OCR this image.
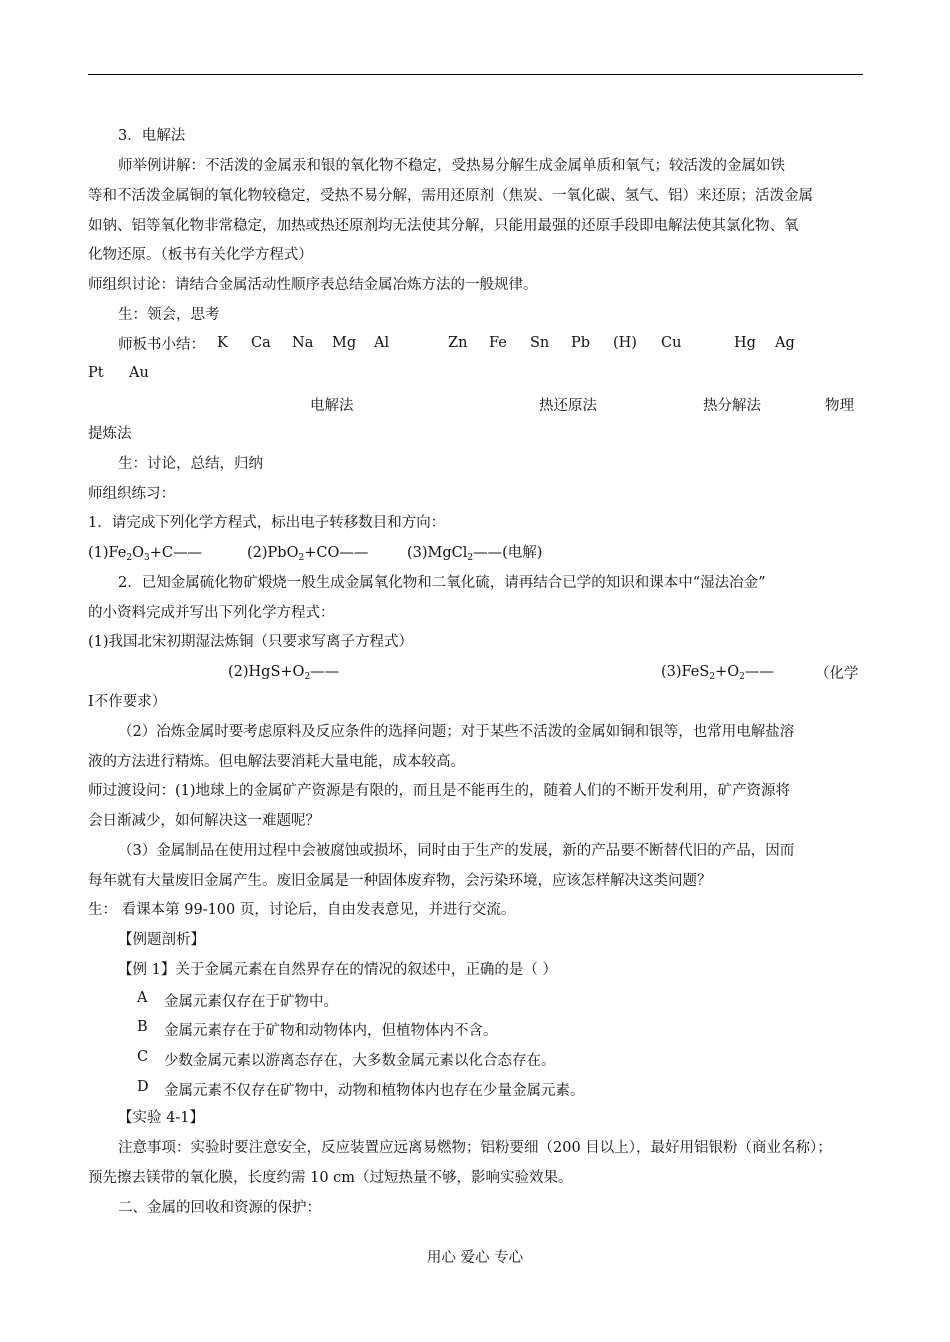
3．电解法
师举例讲解：不活泼的金属汞和银的氧化物不稳定，受热易分解生成金属单质和氧气；较活泼的金属如铁
等和不活泼金属铜的氧化物较稳定，受热不易分解，需用还原剂（焦炭、一氧化碳、氢气、铝）来还原；活泼金属
如钠、铝等氧化物非常稳定，加热或热还原剂均无法使其分解，只能用最强的还原手段即电解法使其氯化物、氧
化物还原。（板书有关化学方程式）
师组织讨论：请结合金属活动性顺序表总结金属冶炼方法的一般规律。
生：领会，思考
师板书小结： K Ca Na Mg Al	Zn Fe Sn Pb (H) Cu	Hg Ag
Pt Au
电解法	热还原法	热分解法	物理
提炼法
生：讨论，总结，归纳
师组织练习：
1．请完成下列化学方程式，标出电子转移数目和方向：
$(1)Fe_2O_3+C——$	(2)PbO$_2$+CO——	(3)MgCl$_2$——(电解)
2．已知金属硫化物矿煅烧一般生成金属氧化物和二氧化硫，请再结合已学的知识和课本中“湿法冶金”
的小资料完成并写出下列化学方程式：
(1)我国北宋初期湿法炼铜（只要求写离子方程式）
$(2)HgS+O_2——$	$(3)FeS_2+O_2——$	（化学
Ⅰ不作要求）
（2）冶炼金属时要考虑原料及反应条件的选择问题；对于某些不活泼的金属如铜和银等，也常用电解盐溶
液的方法进行精炼。但电解法要消耗大量电能，成本较高。
师过渡设问：(1)地球上的金属矿产资源是有限的，而且是不能再生的，随着人们的不断开发利用，矿产资源将
会日渐减少，如何解决这一难题呢？
（3）金属制品在使用过程中会被腐蚀或损坏，同时由于生产的发展，新的产品要不断替代旧的产品，因而
每年就有大量废旧金属产生。废旧金属是一种固体废弃物，会污染环境，应该怎样解决这类问题？
生： 看课本第 99-100 页，讨论后，自由发表意见，并进行交流。
【例题剖析】
【例 1】关于金属元素在自然界存在的情况的叙述中，正确的是（ ）
A 金属元素仅存在于矿物中。
B 金属元素存在于矿物和动物体内，但植物体内不含。
C 少数金属元素以游离态存在，大多数金属元素以化合态存在。
D 金属元素不仅存在矿物中，动物和植物体内也存在少量金属元素。
【实验 4-1】
注意事项：实验时要注意安全，反应装置应远离易燃物；铝粉要细（200 目以上），最好用铝银粉（商业名称）；
预先擦去镁带的氧化膜，长度约需 10 cm（过短热量不够，影响实验效果。
二、金属的回收和资源的保护：
用心 爱心 专心
